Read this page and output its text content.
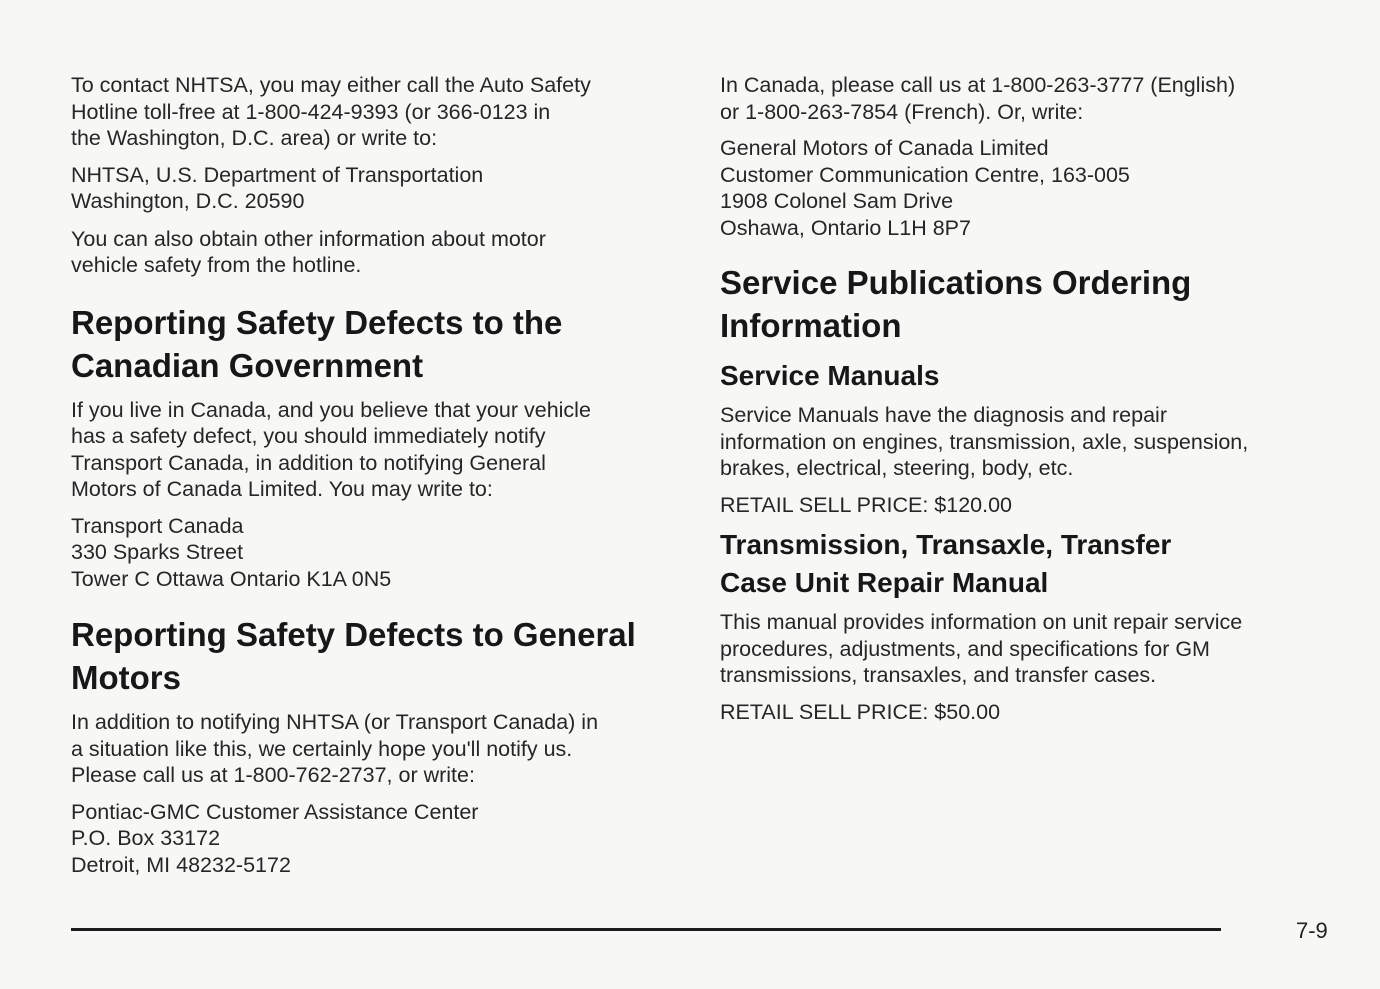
To contact NHTSA, you may either call the Auto Safety
Hotline toll-free at 1-800-424-9393 (or 366-0123 in
the Washington, D.C. area) or write to:

NHTSA, U.S. Department of Transportation
Washington, D.C. 20590

You can also obtain other information about motor
vehicle safety from the hotline.

Reporting Safety Defects to the
Canadian Government

If you live in Canada, and you believe that your vehicle
has a safety defect, you should immediately notify
Transport Canada, in addition to notifying General
Motors of Canada Limited. You may write to:

Transport Canada
330 Sparks Street
Tower C Ottawa Ontario K1A 0N5
Reporting Safety Defects to General
Motors

In addition to notifying NHTSA (or Transport Canada) in
a situation like this, we certainly hope you'll notify us.
Please call us at 1-800-762-2737, or write:

Pontiac-GMC Customer Assistance Center
P.O. Box 33172
Detroit, MI 48232-5172

In Canada, please call us at 1-800-263-3777 (English)
or 1-800-263-7854 (French). Or, write:

General Motors of Canada Limited
Customer Communication Centre, 163-005
1908 Colonel Sam Drive
Oshawa, Ontario L1H 8P7
Service Publications Ordering
Information
Service Manuals

Service Manuals have the diagnosis and repair
information on engines, transmission, axle, suspension,
brakes, electrical, steering, body, etc.

RETAIL SELL PRICE: $120.00

Transmission, Transaxle, Transfer
Case Unit Repair Manual

This manual provides information on unit repair service
procedures, adjustments, and specifications for GM
transmissions, transaxles, and transfer cases.

RETAIL SELL PRICE: $50.00

7-9
